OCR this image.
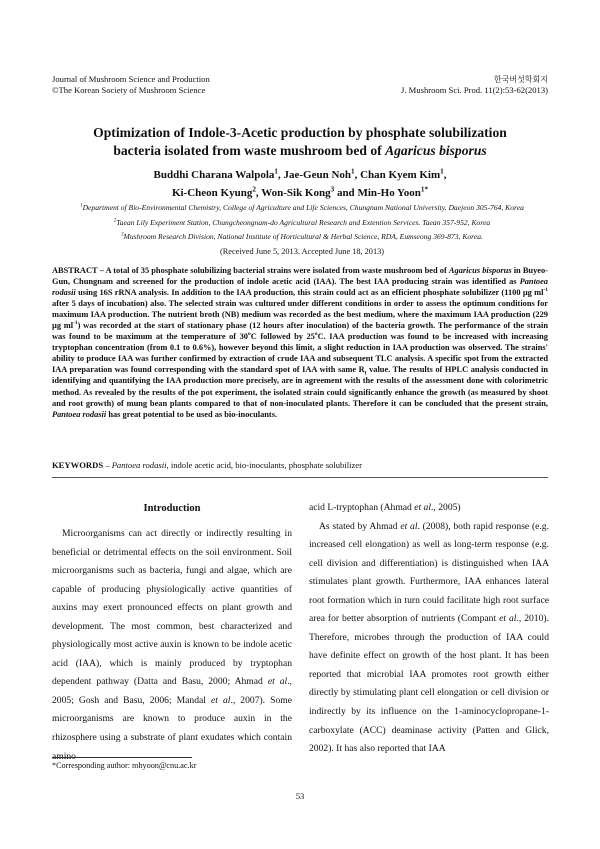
Journal of Mushroom Science and Production
©The Korean Society of Mushroom Science
한국버섯학회지
J. Mushroom Sci. Prod. 11(2):53-62(2013)
Optimization of Indole-3-Acetic production by phosphate solubilization
bacteria isolated from waste mushroom bed of Agaricus bisporus
Buddhi Charana Walpola$^1$, Jae-Geun Noh$^1$, Chan Kyem Kim$^1$,
Ki-Cheon Kyung$^2$, Won-Sik Kong$^3$ and Min-Ho Yoon$^{1*}$
$^1$Department of Bio-Environmental Chemistry, College of Agriculture and Life Sciences, Chungnam National University, Daejeon 305-764, Korea
$^2$Taean Lily Experiment Station, Chungcheongnam-do Agricultural Research and Extention Services. Taean 357-952, Korea
$^3$Mushroom Research Division, National Institute of Horticultural & Herbal Science, RDA, Eumseong 369-873, Korea.
(Received June 5, 2013. Accepted June 18, 2013)
ABSTRACT – A total of 35 phosphate solubilizing bacterial strains were isolated from waste mushroom bed of Agaricus bisporus in Buyeo-Gun, Chungnam and screened for the production of indole acetic acid (IAA). The best IAA producing strain was identified as Pantoea rodasii using 16S rRNA analysis. In addition to the IAA production, this strain could act as an efficient phosphate solubilizer (1100 µg $ml^{-1}$ after 5 days of incubation) also. The selected strain was cultured under different conditions in order to assess the optimum conditions for maximum IAA production. The nutrient broth (NB) medium was recorded as the best medium, where the maximum IAA production (229 µg $ml^{-1}$) was recorded at the start of stationary phase (12 hours after inoculation) of the bacteria growth. The performance of the strain was found to be maximum at the temperature of 30$^o$C followed by 25$^o$C. IAA production was found to be increased with increasing tryptophan concentration (from 0.1 to 0.6%), however beyond this limit, a slight reduction in IAA production was observed. The strains' ability to produce IAA was further confirmed by extraction of crude IAA and subsequent TLC analysis. A specific spot from the extracted IAA preparation was found corresponding with the standard spot of IAA with same $R_f$ value. The results of HPLC analysis conducted in identifying and quantifying the IAA production more precisely, are in agreement with the results of the assessment done with colorimetric method. As revealed by the results of the pot experiment, the isolated strain could significantly enhance the growth (as measured by shoot and root growth) of mung bean plants compared to that of non-inoculated plants. Therefore it can be concluded that the present strain, Pantoea rodasii has great potential to be used as bio-inoculants.
KEYWORDS – Pantoea rodasii, indole acetic acid, bio-inoculants, phosphate solubilizer
Introduction

Microorganisms can act directly or indirectly resulting in beneficial or detrimental effects on the soil environment. Soil microorganisms such as bacteria, fungi and algae, which are capable of producing physiologically active quantities of auxins may exert pronounced effects on plant growth and development. The most common, best characterized and physiologically most active auxin is known to be indole acetic acid (IAA), which is mainly produced by tryptophan dependent pathway (Datta and Basu, 2000; Ahmad et al., 2005; Gosh and Basu, 2006; Mandal et al., 2007). Some microorganisms are known to produce auxin in the rhizosphere using a substrate of plant exudates which contain amino

acid L-tryptophan (Ahmad et al., 2005)

As stated by Ahmad et al. (2008), both rapid response (e.g. increased cell elongation) as well as long-term response (e.g. cell division and differentiation) is distinguished when IAA stimulates plant growth. Furthermore, IAA enhances lateral root formation which in turn could facilitate high root surface area for better absorption of nutrients (Compant et al., 2010). Therefore, microbes through the production of IAA could have definite effect on growth of the host plant. It has been reported that microbial IAA promotes root growth either directly by stimulating plant cell elongation or cell division or indirectly by its influence on the 1-aminocyclopropane-1-carboxylate (ACC) deaminase activity (Patten and Glick, 2002). It has also reported that IAA

*Corresponding author: mhyoon@cnu.ac.kr
53
